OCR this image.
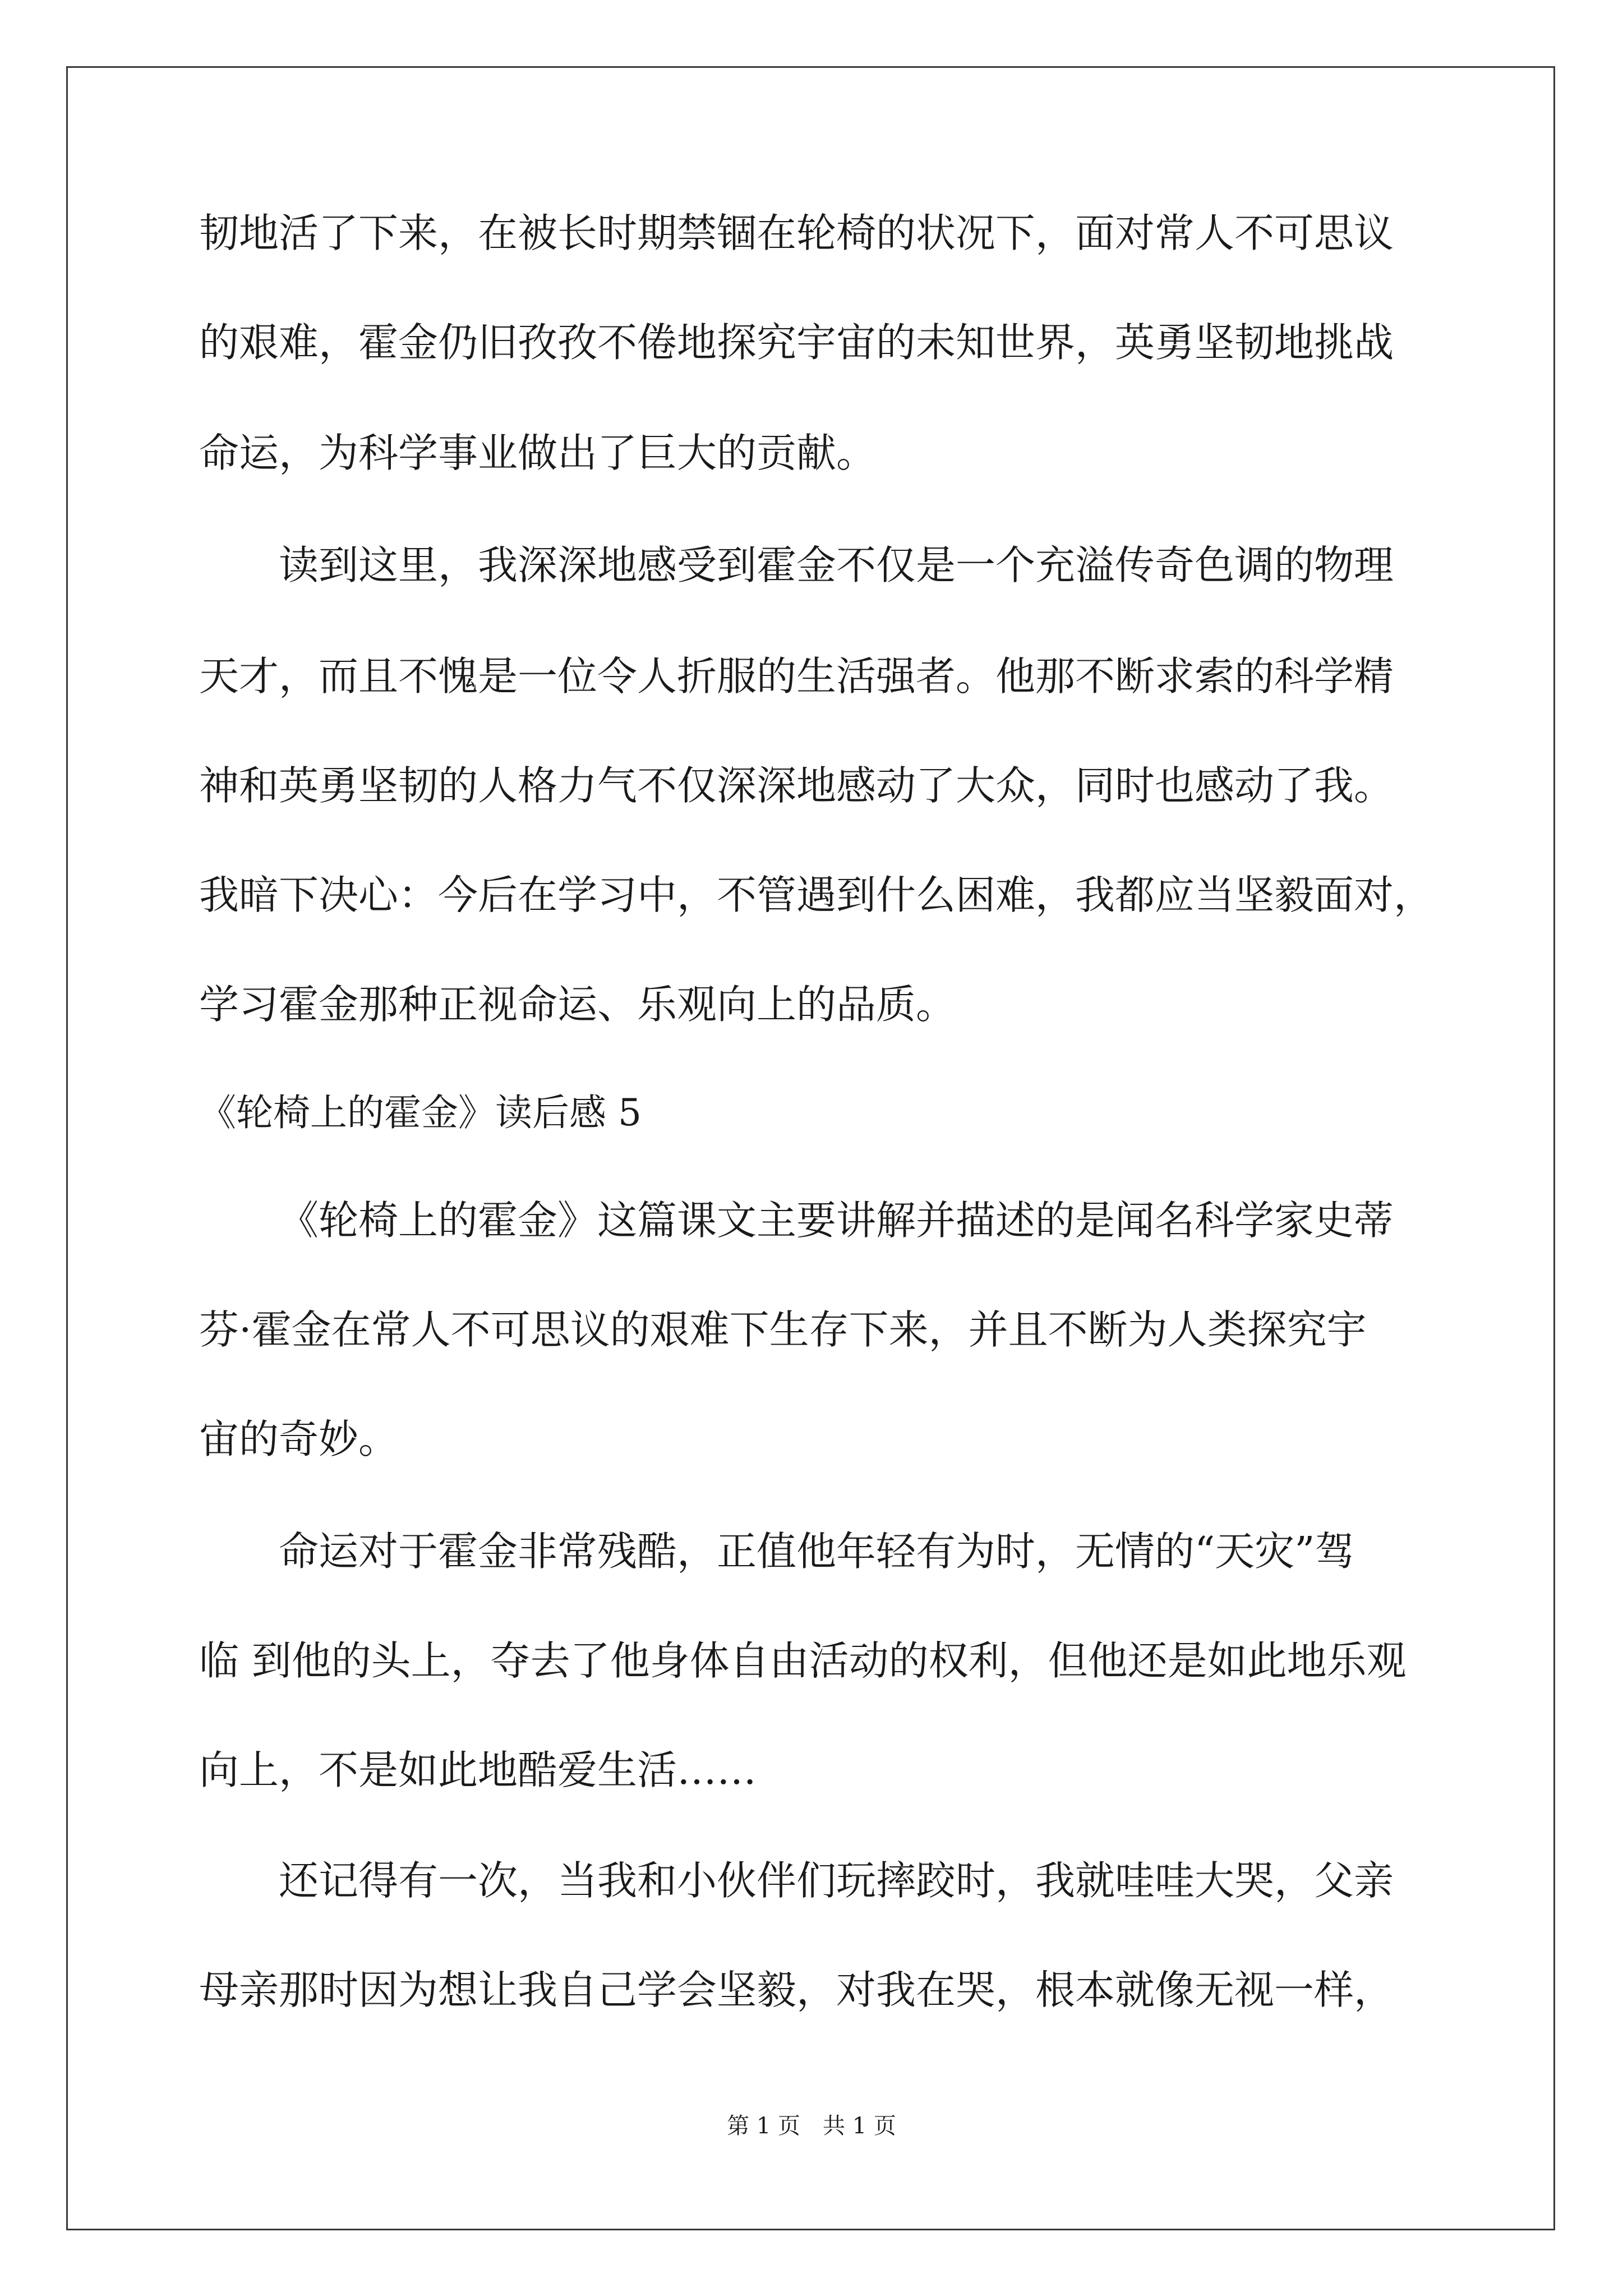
韧地活了下来，在被长时期禁锢在轮椅的状况下，面对常人不可思议
的艰难，霍金仍旧孜孜不倦地探究宇宙的未知世界，英勇坚韧地挑战
命运，为科学事业做出了巨大的贡献。
读到这里，我深深地感受到霍金不仅是一个充溢传奇色调的物理
天才，而且不愧是一位令人折服的生活强者。他那不断求索的科学精
神和英勇坚韧的人格力气不仅深深地感动了大众，同时也感动了我。
我暗下决心：今后在学习中，不管遇到什么困难，我都应当坚毅面对，
学习霍金那种正视命运、乐观向上的品质。
《轮椅上的霍金》读后感 5
《轮椅上的霍金》这篇课文主要讲解并描述的是闻名科学家史蒂
芬·霍金在常人不可思议的艰难下生存下来，并且不断为人类探究宇
宙的奇妙。
命运对于霍金非常残酷，正值他年轻有为时，无情的“天灾”驾
临 到他的头上，夺去了他身体自由活动的权利，但他还是如此地乐观
向上，不是如此地酷爱生活……
还记得有一次，当我和小伙伴们玩摔跤时，我就哇哇大哭，父亲
母亲那时因为想让我自己学会坚毅，对我在哭，根本就像无视一样，
第 1 页　共 1 页
